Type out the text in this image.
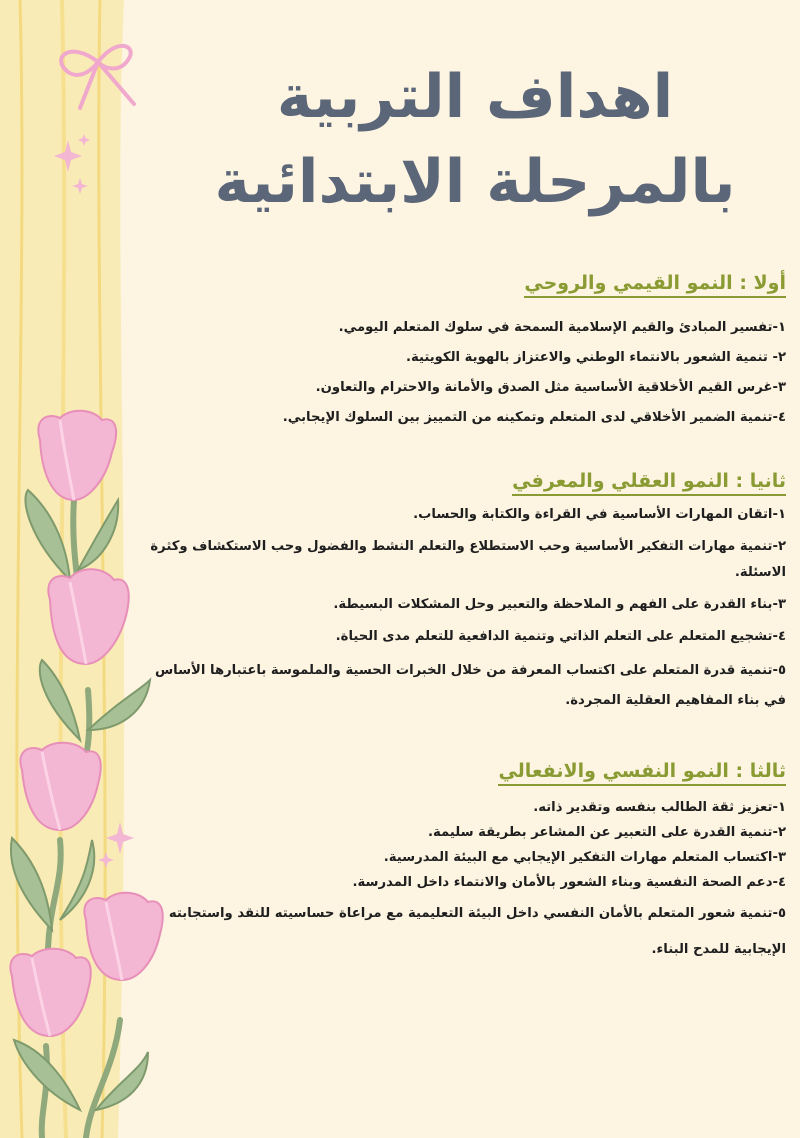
اهداف التربية
بالمرحلة الابتدائية
أولا : النمو القيمي والروحي
١-تفسير المبادئ والقيم الإسلامية السمحة في سلوك المتعلم اليومي.
٢- تنمية الشعور بالانتماء الوطني والاعتزاز بالهوية الكويتية.
٣-غرس القيم الأخلاقية الأساسية مثل الصدق والأمانة والاحترام والتعاون.
٤-تنمية الضمير الأخلاقي لدى المتعلم وتمكينه من التمييز بين السلوك الإيجابي.
ثانيا : النمو العقلي والمعرفي
١-اتقان المهارات الأساسية في القراءة والكتابة والحساب.
٢-تنمية مهارات التفكير الأساسية وحب الاستطلاع والتعلم النشط والفضول وحب الاستكشاف وكثرة الاسئلة.
٣-بناء القدرة على الفهم و الملاحظة والتعبير وحل المشكلات البسيطة.
٤-تشجيع المتعلم على التعلم الذاتي وتنمية الدافعية للتعلم مدى الحياة.
٥-تنمية قدرة المتعلم على اكتساب المعرفة من خلال الخبرات الحسية والملموسة باعتبارها الأساس في بناء المفاهيم العقلية المجردة.
ثالثا : النمو النفسي والانفعالي
١-تعزيز ثقة الطالب بنفسه وتقدير ذاته.
٢-تنمية القدرة على التعبير عن المشاعر بطريقة سليمة.
٣-اكتساب المتعلم مهارات التفكير الإيجابي مع البيئة المدرسية.
٤-دعم الصحة النفسية وبناء الشعور بالأمان والانتماء داخل المدرسة.
٥-تنمية شعور المتعلم بالأمان النفسي داخل البيئة التعليمية مع مراعاة حساسيته للنقد واستجابته الإيجابية للمدح البناء.
